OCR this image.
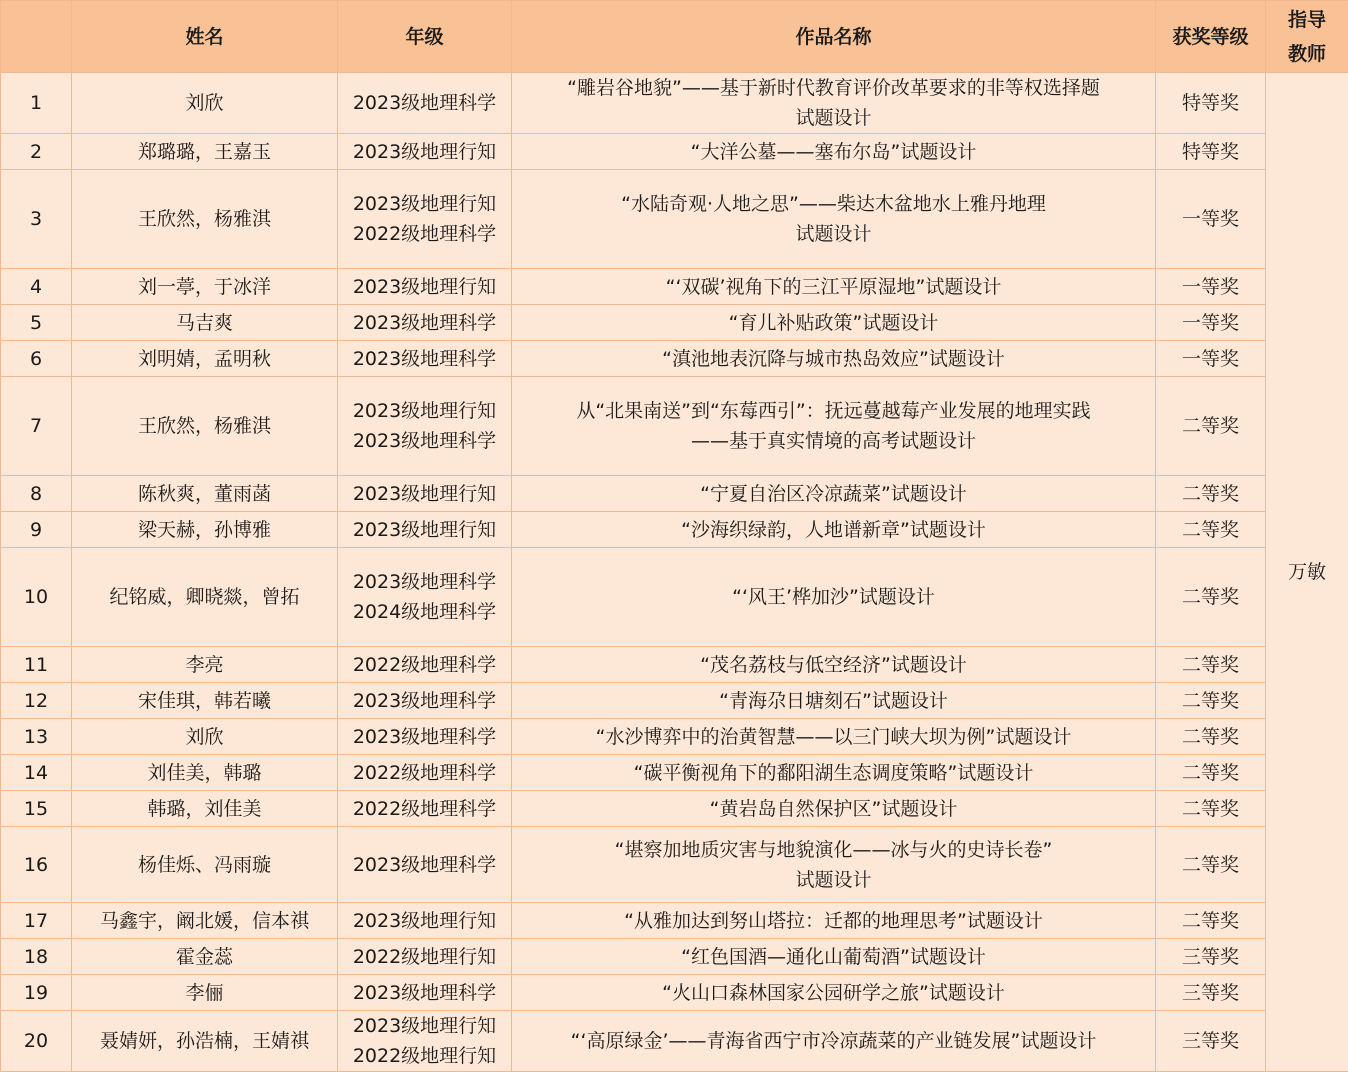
	姓名	年级	作品名称	获奖等级	指导
教师

1	刘欣	2023级地理科学	“雕岩谷地貌”——基于新时代教育评价改革要求的非等权选择题
试题设计	特等奖	万敏
2	郑璐璐，王嘉玉	2023级地理行知	“大洋公墓——塞布尔岛”试题设计	特等奖	
3	王欣然，杨雅淇	2023级地理行知
2022级地理科学	“水陆奇观·人地之思”——柴达木盆地水上雅丹地理
试题设计	一等奖	
4	刘一葶，于冰洋	2023级地理行知	“‘双碳’视角下的三江平原湿地”试题设计	一等奖	
5	马吉爽	2023级地理科学	“育儿补贴政策”试题设计	一等奖	
6	刘明婧，孟明秋	2023级地理科学	“滇池地表沉降与城市热岛效应”试题设计	一等奖	
7	王欣然，杨雅淇	2023级地理行知
2023级地理科学	从“北果南送”到“东莓西引”：抚远蔓越莓产业发展的地理实践
——基于真实情境的高考试题设计	二等奖	
8	陈秋爽，董雨菡	2023级地理行知	“宁夏自治区冷凉蔬菜”试题设计	二等奖	
9	梁天赫，孙博雅	2023级地理行知	“沙海织绿韵，人地谱新章”试题设计	二等奖	
10	纪铭威，卿晓燚，曾拓	2023级地理科学
2024级地理科学	“‘风王’桦加沙”试题设计	二等奖	
11	李亮	2022级地理科学	“茂名荔枝与低空经济”试题设计	二等奖	
12	宋佳琪，韩若曦	2023级地理科学	“青海尕日塘刻石”试题设计	二等奖	
13	刘欣	2023级地理科学	“水沙博弈中的治黄智慧——以三门峡大坝为例”试题设计	二等奖	
14	刘佳美，韩璐	2022级地理科学	“碳平衡视角下的鄱阳湖生态调度策略”试题设计	二等奖	
15	韩璐，刘佳美	2022级地理科学	“黄岩岛自然保护区”试题设计	二等奖	
16	杨佳烁、冯雨璇	2023级地理科学	“堪察加地质灾害与地貌演化——冰与火的史诗长卷”
试题设计	二等奖	
17	马鑫宇，阚北媛，信本祺	2023级地理行知	“从雅加达到努山塔拉：迁都的地理思考”试题设计	二等奖	
18	霍金蕊	2022级地理行知	“红色国酒—通化山葡萄酒”试题设计	三等奖	
19	李俪	2023级地理科学	“火山口森林国家公园研学之旅”试题设计	三等奖	
20	聂婧妍，孙浩楠，王婧祺	2023级地理行知
2022级地理行知	“‘高原绿金’——青海省西宁市冷凉蔬菜的产业链发展”试题设计	三等奖	
